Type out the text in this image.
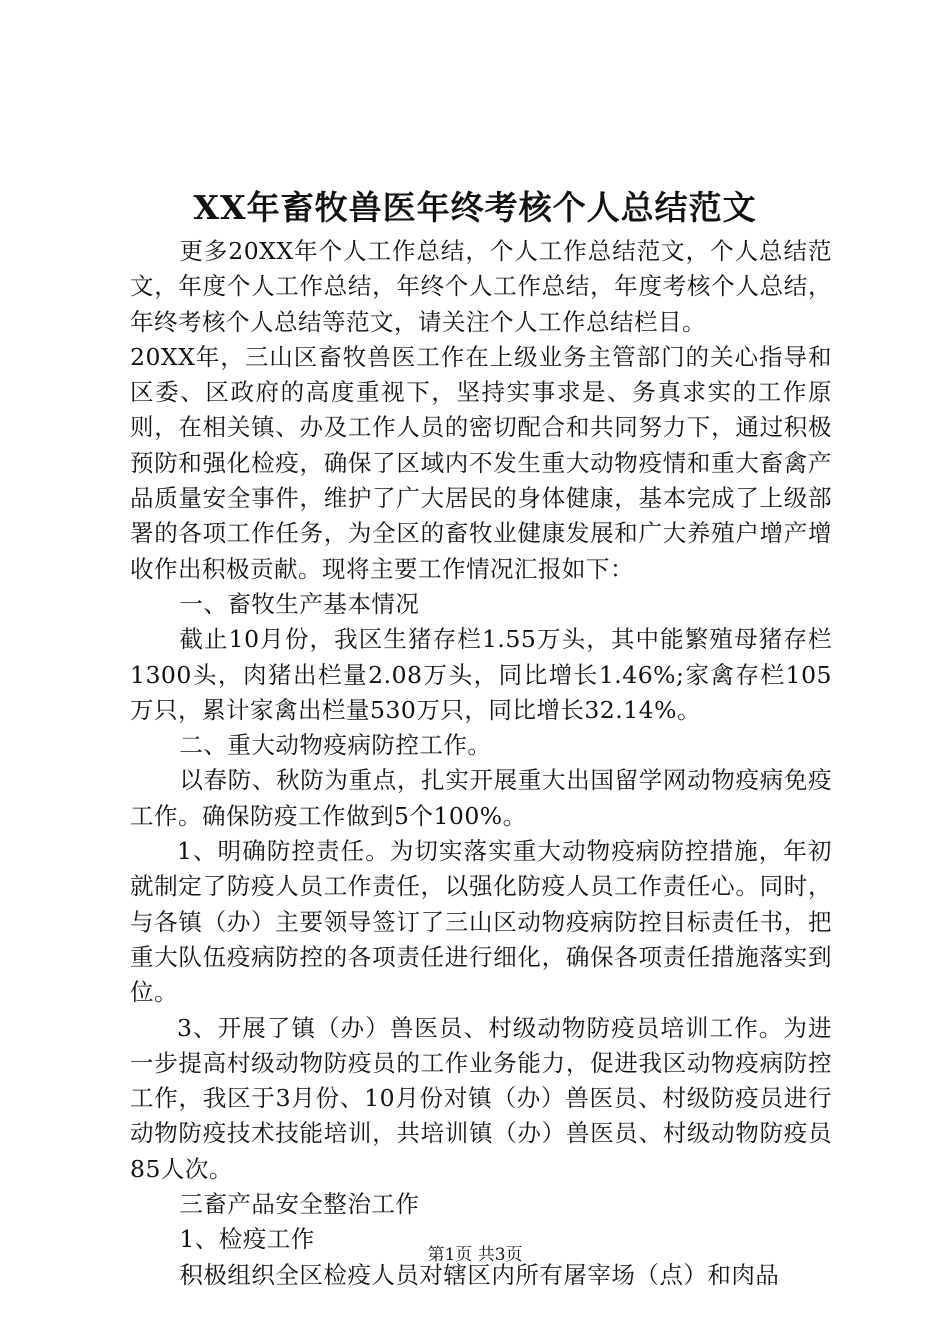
XX年畜牧兽医年终考核个人总结范文

更多20XX年个人工作总结，个人工作总结范文，个人总结范文，年度个人工作总结，年终个人工作总结，年度考核个人总结，年终考核个人总结等范文，请关注个人工作总结栏目。

20XX年，三山区畜牧兽医工作在上级业务主管部门的关心指导和区委、区政府的高度重视下，坚持实事求是、务真求实的工作原则，在相关镇、办及工作人员的密切配合和共同努力下，通过积极预防和强化检疫，确保了区域内不发生重大动物疫情和重大畜禽产品质量安全事件，维护了广大居民的身体健康，基本完成了上级部署的各项工作任务，为全区的畜牧业健康发展和广大养殖户增产增收作出积极贡献。现将主要工作情况汇报如下：

一、畜牧生产基本情况

截止10月份，我区生猪存栏1.55万头，其中能繁殖母猪存栏1300头，肉猪出栏量2.08万头，同比增长1.46%;家禽存栏105万只，累计家禽出栏量530万只，同比增长32.14%。

二、重大动物疫病防控工作。

以春防、秋防为重点，扎实开展重大出国留学网动物疫病免疫工作。确保防疫工作做到5个100%。

1、明确防控责任。为切实落实重大动物疫病防控措施，年初就制定了防疫人员工作责任，以强化防疫人员工作责任心。同时，与各镇（办）主要领导签订了三山区动物疫病防控目标责任书，把重大队伍疫病防控的各项责任进行细化，确保各项责任措施落实到位。

3、开展了镇（办）兽医员、村级动物防疫员培训工作。为进一步提高村级动物防疫员的工作业务能力，促进我区动物疫病防控工作，我区于3月份、10月份对镇（办）兽医员、村级防疫员进行动物防疫技术技能培训，共培训镇（办）兽医员、村级动物防疫员85人次。

三畜产品安全整治工作

1、检疫工作

积极组织全区检疫人员对辖区内所有屠宰场（点）和肉品

第1页 共3页
